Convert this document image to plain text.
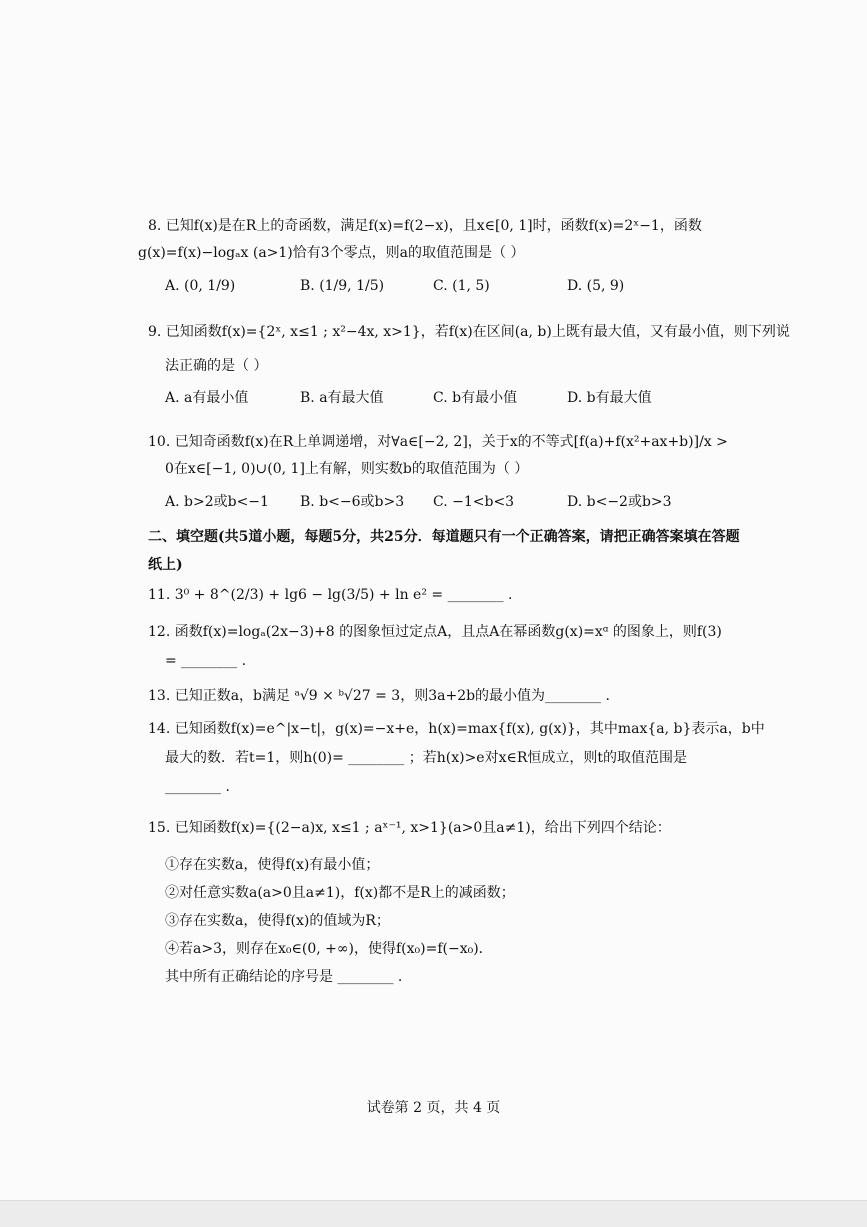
8. 已知f(x)是在R上的奇函数，满足f(x)=f(2−x)，且x∈[0, 1]时，函数f(x)=2ˣ−1，函数
g(x)=f(x)−logₐx (a>1)恰有3个零点，则a的取值范围是（ ）
A. (0, 1/9)	B. (1/9, 1/5)	C. (1, 5)	D. (5, 9)
9. 已知函数f(x)={2ˣ, x≤1 ; x²−4x, x>1}，若f(x)在区间(a, b)上既有最大值，又有最小值，则下列说
法正确的是（ ）
A. a有最小值	B. a有最大值	C. b有最小值	D. b有最大值
10. 已知奇函数f(x)在R上单调递增，对∀a∈[−2, 2]，关于x的不等式[f(a)+f(x²+ax+b)]/x >
0在x∈[−1, 0)∪(0, 1]上有解，则实数b的取值范围为（ ）
A. b>2或b<−1 B. b<−6或b>3 C. −1<b<3	D. b<−2或b>3
二、填空题(共5道小题，每题5分，共25分．每道题只有一个正确答案，请把正确答案填在答题
纸上)
11. 3⁰ + 8^(2/3) + lg6 − lg(3/5) + ln e² = ________ .
12. 函数f(x)=logₐ(2x−3)+8 的图象恒过定点A，且点A在幂函数g(x)=xᵅ 的图象上，则f(3)
= ________ .
13. 已知正数a，b满足 ᵃ√9 × ᵇ√27 = 3，则3a+2b的最小值为________ .
14. 已知函数f(x)=e^|x−t|，g(x)=−x+e，h(x)=max{f(x), g(x)}，其中max{a, b}表示a，b中
最大的数．若t=1，则h(0)= ________ ；若h(x)>e对x∈R恒成立，则t的取值范围是
________ .
15. 已知函数f(x)={(2−a)x, x≤1 ; aˣ⁻¹, x>1}(a>0且a≠1)，给出下列四个结论：
①存在实数a，使得f(x)有最小值；
②对任意实数a(a>0且a≠1)，f(x)都不是R上的减函数；
③存在实数a，使得f(x)的值域为R；
④若a>3，则存在x₀∈(0, +∞)，使得f(x₀)=f(−x₀)．
其中所有正确结论的序号是 ________ .
试卷第 2 页，共 4 页
